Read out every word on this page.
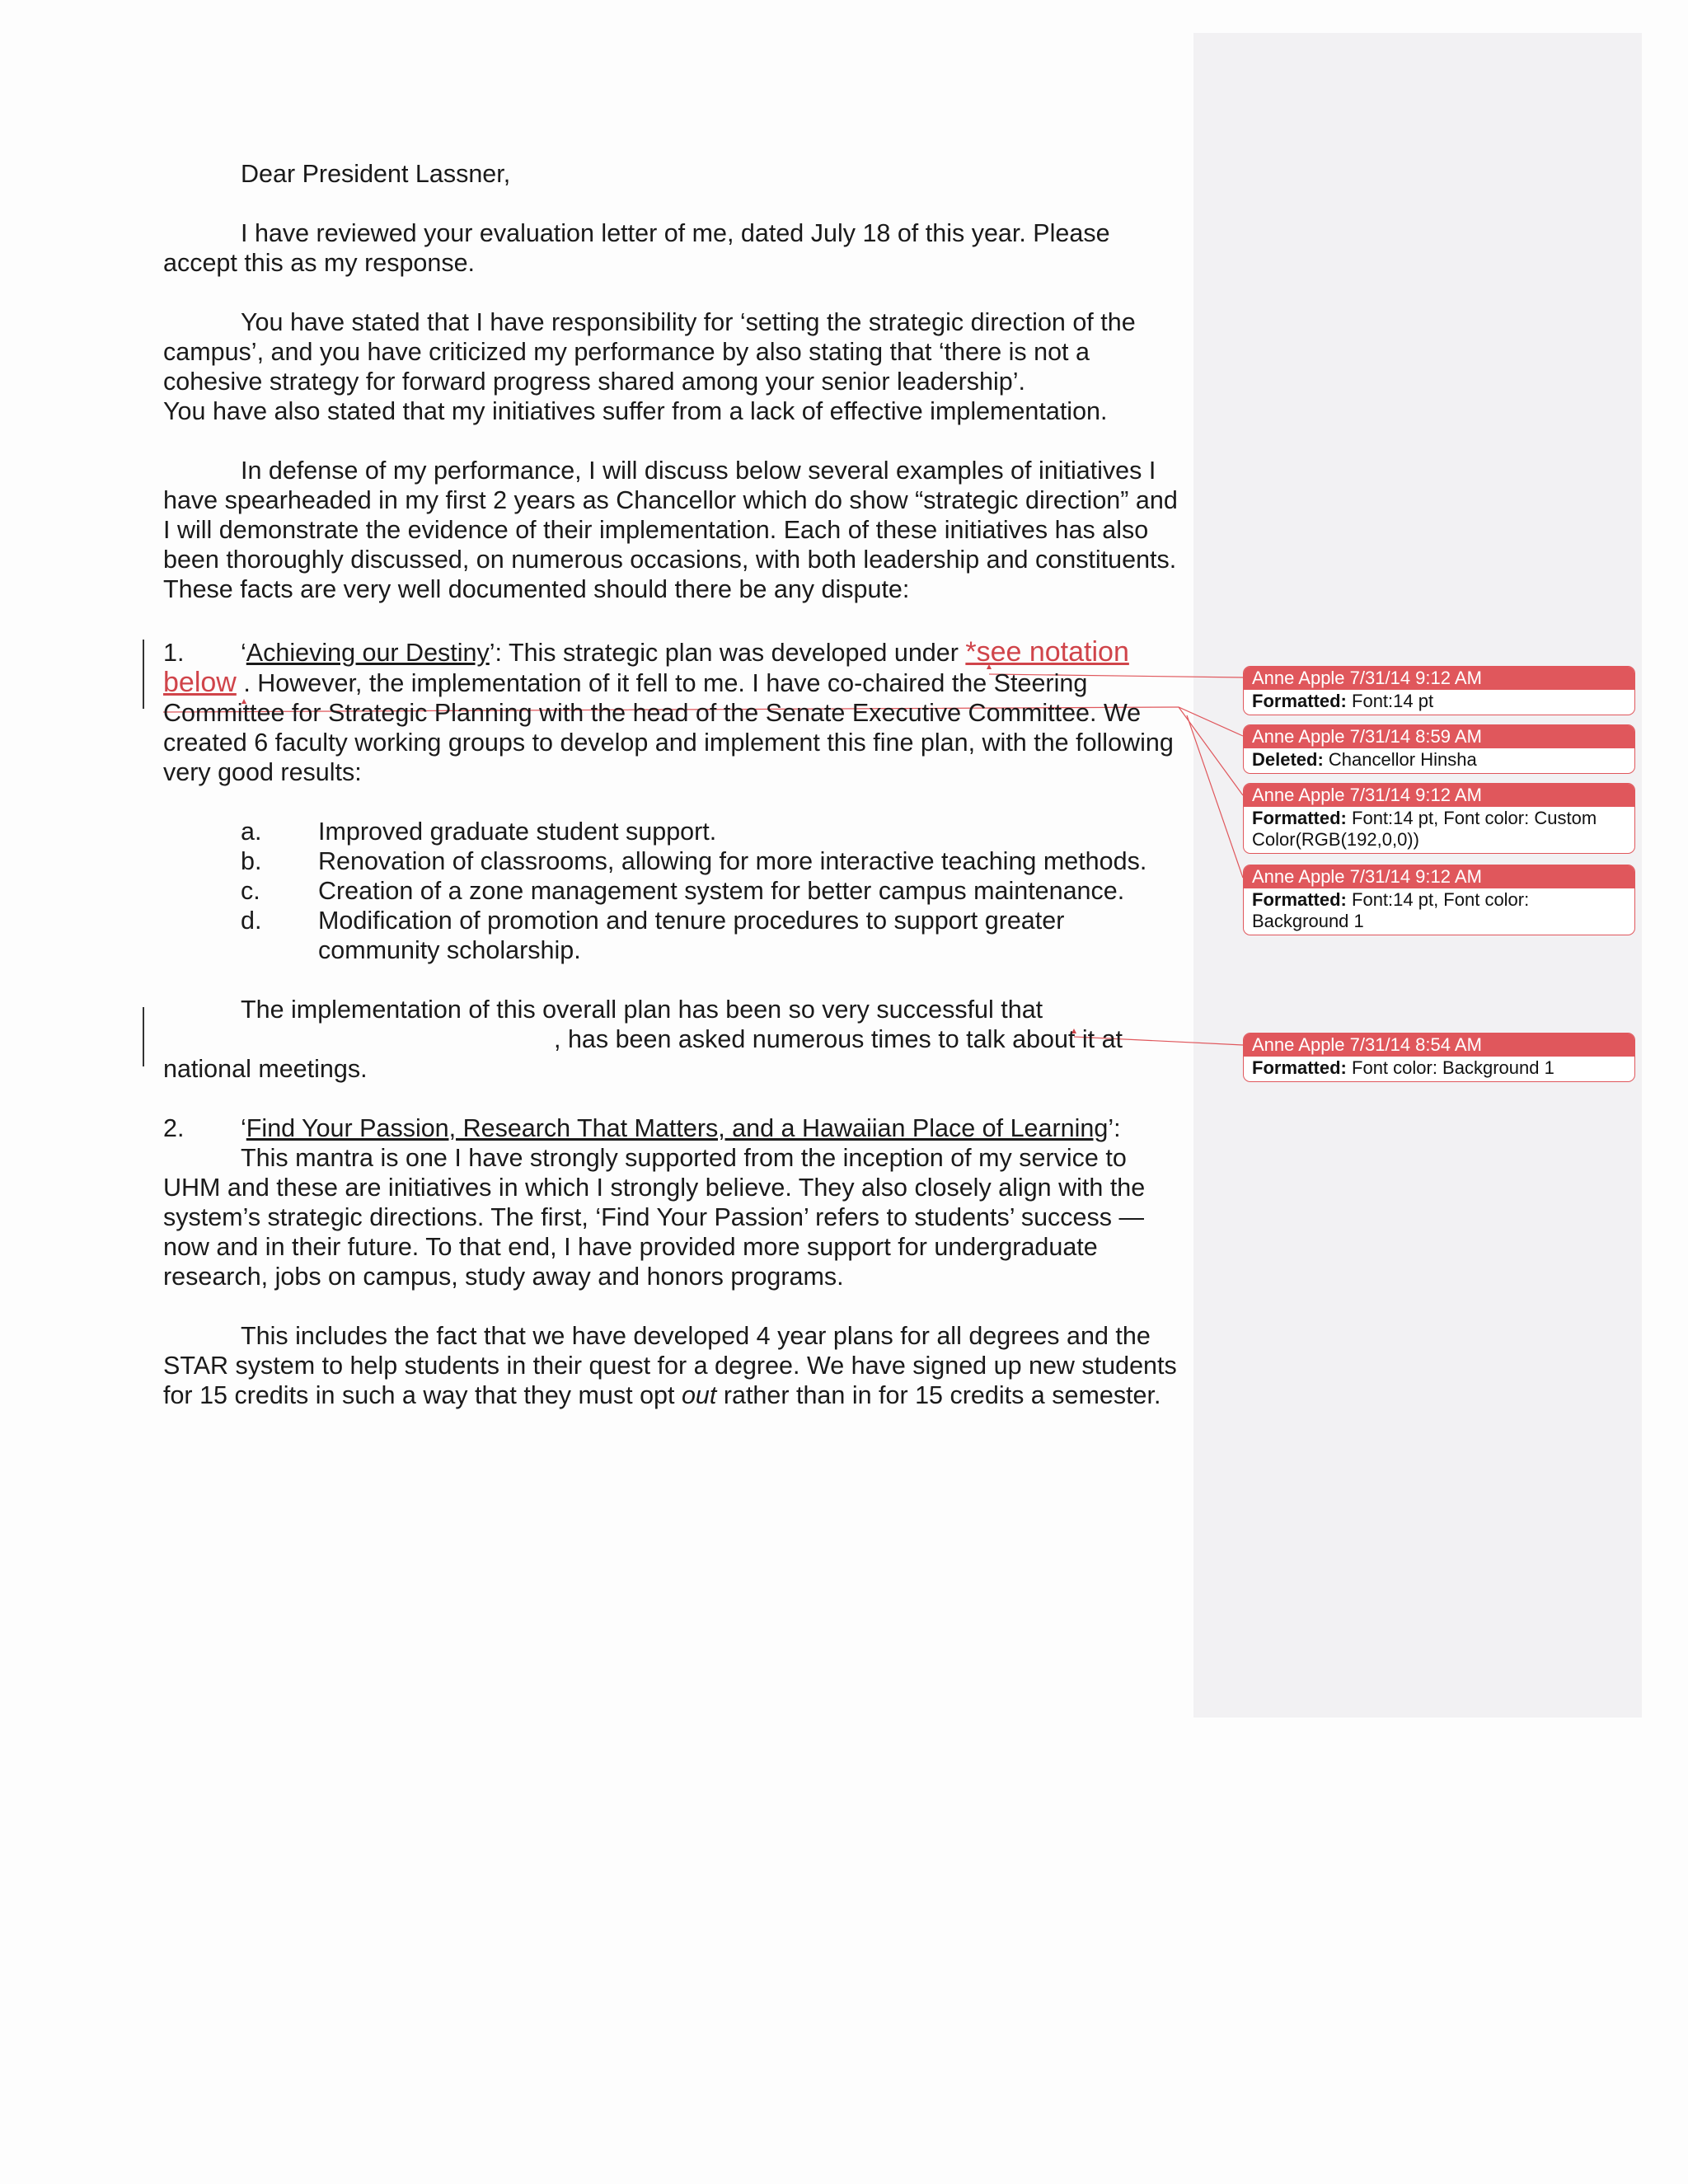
Dear President Lassner,

I have reviewed your evaluation letter of me, dated July 18 of this year. Please accept this as my response.

You have stated that I have responsibility for ‘setting the strategic direction of the campus’, and you have criticized my performance by also stating that ‘there is not a cohesive strategy for forward progress shared among your senior leadership’.

You have also stated that my initiatives suffer from a lack of effective implementation.

In defense of my performance, I will discuss below several examples of initiatives I have spearheaded in my first 2 years as Chancellor which do show “strategic direction” and I will demonstrate the evidence of their implementation. Each of these initiatives has also been thoroughly discussed, on numerous occasions, with both leadership and constituents. These facts are very well documented should there be any dispute:

1. ‘Achieving our Destiny’: This strategic plan was developed under *see notation below . However, the implementation of it fell to me. I have co-chaired the Steering Committee for Strategic Planning with the head of the Senate Executive Committee. We created 6 faculty working groups to develop and implement this fine plan, with the following very good results:

a. Improved graduate student support.
b. Renovation of classrooms, allowing for more interactive teaching methods.
c. Creation of a zone management system for better campus maintenance.
d. Modification of promotion and tenure procedures to support greater
community scholarship.

The implementation of this overall plan has been so very successful that

, has been asked numerous times to talk about it at

national meetings.

2. ‘Find Your Passion, Research That Matters, and a Hawaiian Place of Learning’:

This mantra is one I have strongly supported from the inception of my service to UHM and these are initiatives in which I strongly believe. They also closely align with the system’s strategic directions. The first, ‘Find Your Passion’ refers to students’ success — now and in their future. To that end, I have provided more support for undergraduate research, jobs on campus, study away and honors programs.

This includes the fact that we have developed 4 year plans for all degrees and the STAR system to help students in their quest for a degree. We have signed up new students for 15 credits in such a way that they must opt out rather than in for 15 credits a semester.

Anne Apple 7/31/14 9:12 AM
Formatted: Font:14 pt
Anne Apple 7/31/14 8:59 AM
Deleted: Chancellor Hinsha
Anne Apple 7/31/14 9:12 AM
Formatted: Font:14 pt, Font color: Custom Color(RGB(192,0,0))
Anne Apple 7/31/14 9:12 AM
Formatted: Font:14 pt, Font color: Background 1
Anne Apple 7/31/14 8:54 AM
Formatted: Font color: Background 1
